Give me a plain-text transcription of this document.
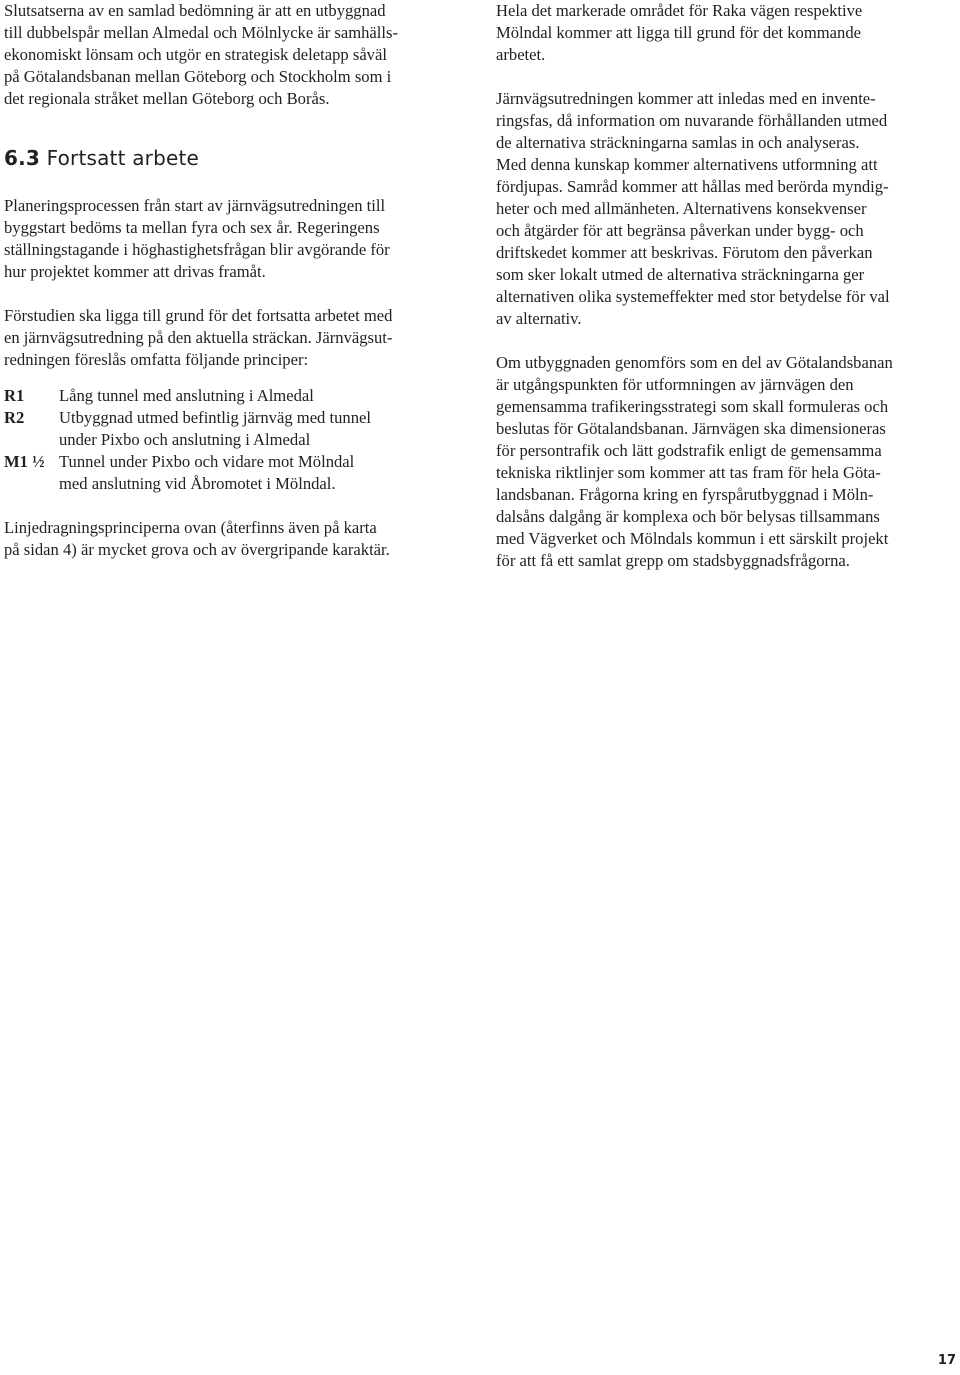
Slutsatserna av en samlad bedömning är att en utbyggnad
till dubbelspår mellan Almedal och Mölnlycke är samhälls-
ekonomiskt lönsam och utgör en strategisk deletapp såväl
på Götalandsbanan mellan Göteborg och Stockholm som i
det regionala stråket mellan Göteborg och Borås.

6.3 Fortsatt arbete

Planeringsprocessen från start av järnvägsutredningen till
byggstart bedöms ta mellan fyra och sex år. Regeringens
ställningstagande i höghastighetsfrågan blir avgörande för
hur projektet kommer att drivas framåt.

Förstudien ska ligga till grund för det fortsatta arbetet med
en järnvägsutredning på den aktuella sträckan. Järnvägsut-
redningen föreslås omfatta följande principer:

R1	Lång tunnel med anslutning i Almedal
R2	Utbyggnad utmed befintlig järnväg med tunnel
under Pixbo och anslutning i Almedal
M1 ½ Tunnel under Pixbo och vidare mot Mölndal
med anslutning vid Åbromotet i Mölndal.

Linjedragningsprinciperna ovan (återfinns även på karta
på sidan 4) är mycket grova och av övergripande karaktär.

Hela det markerade området för Raka vägen respektive
Mölndal kommer att ligga till grund för det kommande
arbetet.

Järnvägsutredningen kommer att inledas med en invente-
ringsfas, då information om nuvarande förhållanden utmed
de alternativa sträckningarna samlas in och analyseras.

Med denna kunskap kommer alternativens utformning att
fördjupas. Samråd kommer att hållas med berörda myndig-
heter och med allmänheten. Alternativens konsekvenser
och åtgärder för att begränsa påverkan under bygg- och
driftskedet kommer att beskrivas. Förutom den påverkan
som sker lokalt utmed de alternativa sträckningarna ger
alternativen olika systemeffekter med stor betydelse för val
av alternativ.

Om utbyggnaden genomförs som en del av Götalandsbanan
är utgångspunkten för utformningen av järnvägen den
gemensamma trafikeringsstrategi som skall formuleras och
beslutas för Götalandsbanan. Järnvägen ska dimensioneras
för persontrafik och lätt godstrafik enligt de gemensamma
tekniska riktlinjer som kommer att tas fram för hela Göta-
landsbanan. Frågorna kring en fyrspårutbyggnad i Möln-
dalsåns dalgång är komplexa och bör belysas tillsammans
med Vägverket och Mölndals kommun i ett särskilt projekt
för att få ett samlat grepp om stadsbyggnadsfrågorna.

17
